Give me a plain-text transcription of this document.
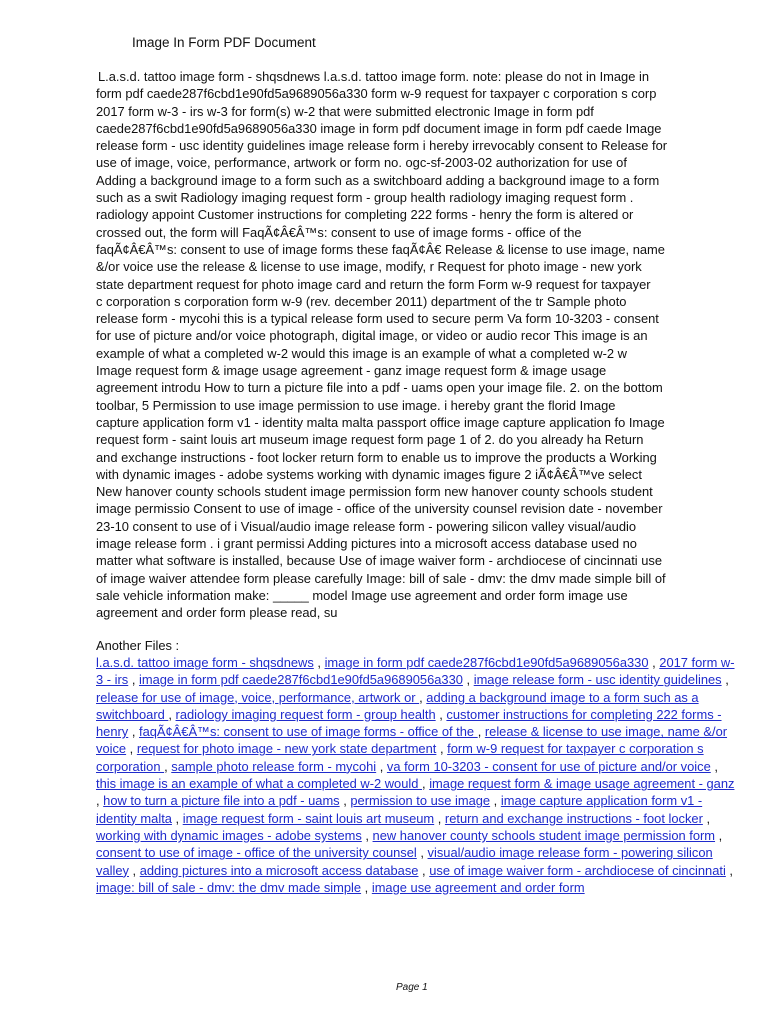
Image In Form PDF Document
L.a.s.d. tattoo image form - shqsdnews l.a.s.d. tattoo image form. note: please do not in Image in
form pdf caede287f6cbd1e90fd5a9689056a330 form w-9 request for taxpayer c corporation s corp
2017 form w-3 - irs w-3 for form(s) w-2 that were submitted electronic Image in form pdf
caede287f6cbd1e90fd5a9689056a330 image in form pdf document image in form pdf caede Image
release form - usc identity guidelines image release form i hereby irrevocably consent to Release for
use of image, voice, performance, artwork or form no. ogc-sf-2003-02 authorization for use of
Adding a background image to a form such as a switchboard adding a background image to a form
such as a swit Radiology imaging request form - group health radiology imaging request form .
radiology appoint Customer instructions for completing 222 forms - henry the form is altered or
crossed out, the form will FaqÃ¢Â€Â™s: consent to use of image forms - office of the
faqÃ¢Â€Â™s: consent to use of image forms these faqÃ¢Â€ Release & license to use image, name
&/or voice use the release & license to use image, modify, r Request for photo image - new york
state department request for photo image card and return the form Form w-9 request for taxpayer
c corporation s corporation form w-9 (rev. december 2011) department of the tr Sample photo
release form - mycohi this is a typical release form used to secure perm Va form 10-3203 - consent
for use of picture and/or voice photograph, digital image, or video or audio recor This image is an
example of what a completed w-2 would this image is an example of what a completed w-2 w
Image request form & image usage agreement - ganz image request form & image usage
agreement introdu How to turn a picture file into a pdf - uams open your image file. 2. on the bottom
toolbar, 5 Permission to use image permission to use image. i hereby grant the florid Image
capture application form v1 - identity malta malta passport office image capture application fo Image
request form - saint louis art museum image request form page 1 of 2. do you already ha Return
and exchange instructions - foot locker return form to enable us to improve the products a Working
with dynamic images - adobe systems working with dynamic images figure 2 iÃ¢Â€Â™ve select
New hanover county schools student image permission form new hanover county schools student
image permissio Consent to use of image - office of the university counsel revision date - november
23-10 consent to use of i Visual/audio image release form - powering silicon valley visual/audio
image release form . i grant permissi Adding pictures into a microsoft access database used no
matter what software is installed, because Use of image waiver form - archdiocese of cincinnati use
of image waiver attendee form please carefully Image: bill of sale - dmv: the dmv made simple bill of
sale vehicle information make: _____ model Image use agreement and order form image use
agreement and order form please read, su
Another Files :
l.a.s.d. tattoo image form - shqsdnews , image in form pdf caede287f6cbd1e90fd5a9689056a330 , 2017 form w-3 - irs , image in form pdf caede287f6cbd1e90fd5a9689056a330 , image release form - usc identity guidelines , release for use of image, voice, performance, artwork or , adding a background image to a form such as a switchboard , radiology imaging request form - group health , customer instructions for completing 222 forms - henry , faqÃ¢Â€Â™s: consent to use of image forms - office of the , release & license to use image, name &/or voice , request for photo image - new york state department , form w-9 request for taxpayer c corporation s corporation , sample photo release form - mycohi , va form 10-3203 - consent for use of picture and/or voice , this image is an example of what a completed w-2 would , image request form & image usage agreement - ganz , how to turn a picture file into a pdf - uams , permission to use image , image capture application form v1 - identity malta , image request form - saint louis art museum , return and exchange instructions - foot locker , working with dynamic images - adobe systems , new hanover county schools student image permission form , consent to use of image - office of the university counsel , visual/audio image release form - powering silicon valley , adding pictures into a microsoft access database , use of image waiver form - archdiocese of cincinnati , image: bill of sale - dmv: the dmv made simple , image use agreement and order form
Page 1
